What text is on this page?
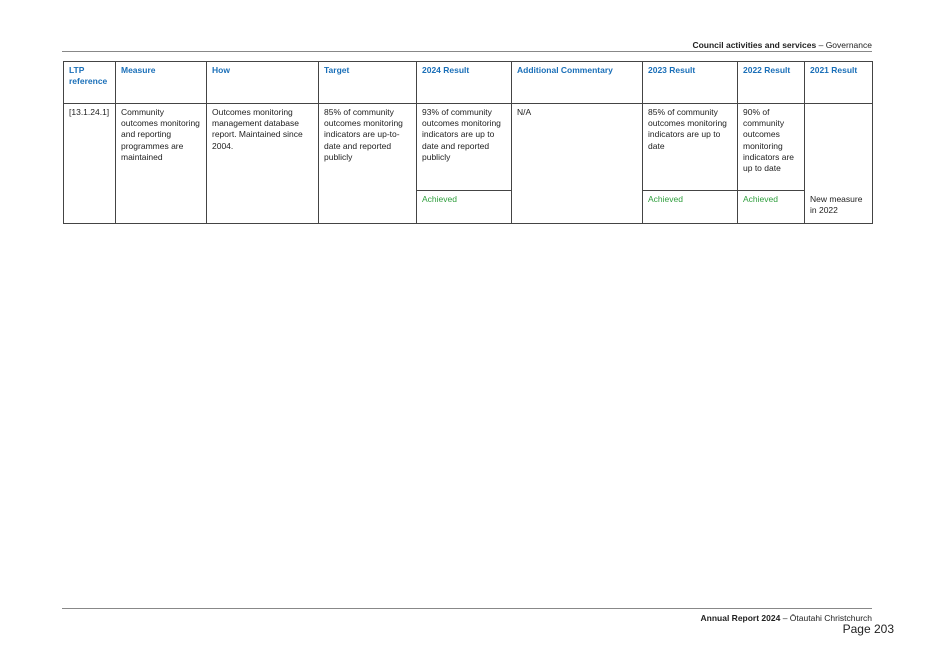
Council activities and services – Governance
LTP reference	Measure	How	Target	2024 Result	Additional Commentary	2023 Result	2022 Result	2021 Result
[13.1.24.1]	Community outcomes monitoring and reporting programmes are maintained	Outcomes monitoring management database report. Maintained since 2004.	85% of community outcomes monitoring indicators are up-to-date and reported publicly	93% of community outcomes monitoring indicators are up to date and reported publicly	N/A	85% of community outcomes monitoring indicators are up to date	90% of community outcomes monitoring indicators are up to date	
				Achieved		Achieved	Achieved	New measure in 2022
Annual Report 2024 – Ōtautahi Christchurch
Page 203
